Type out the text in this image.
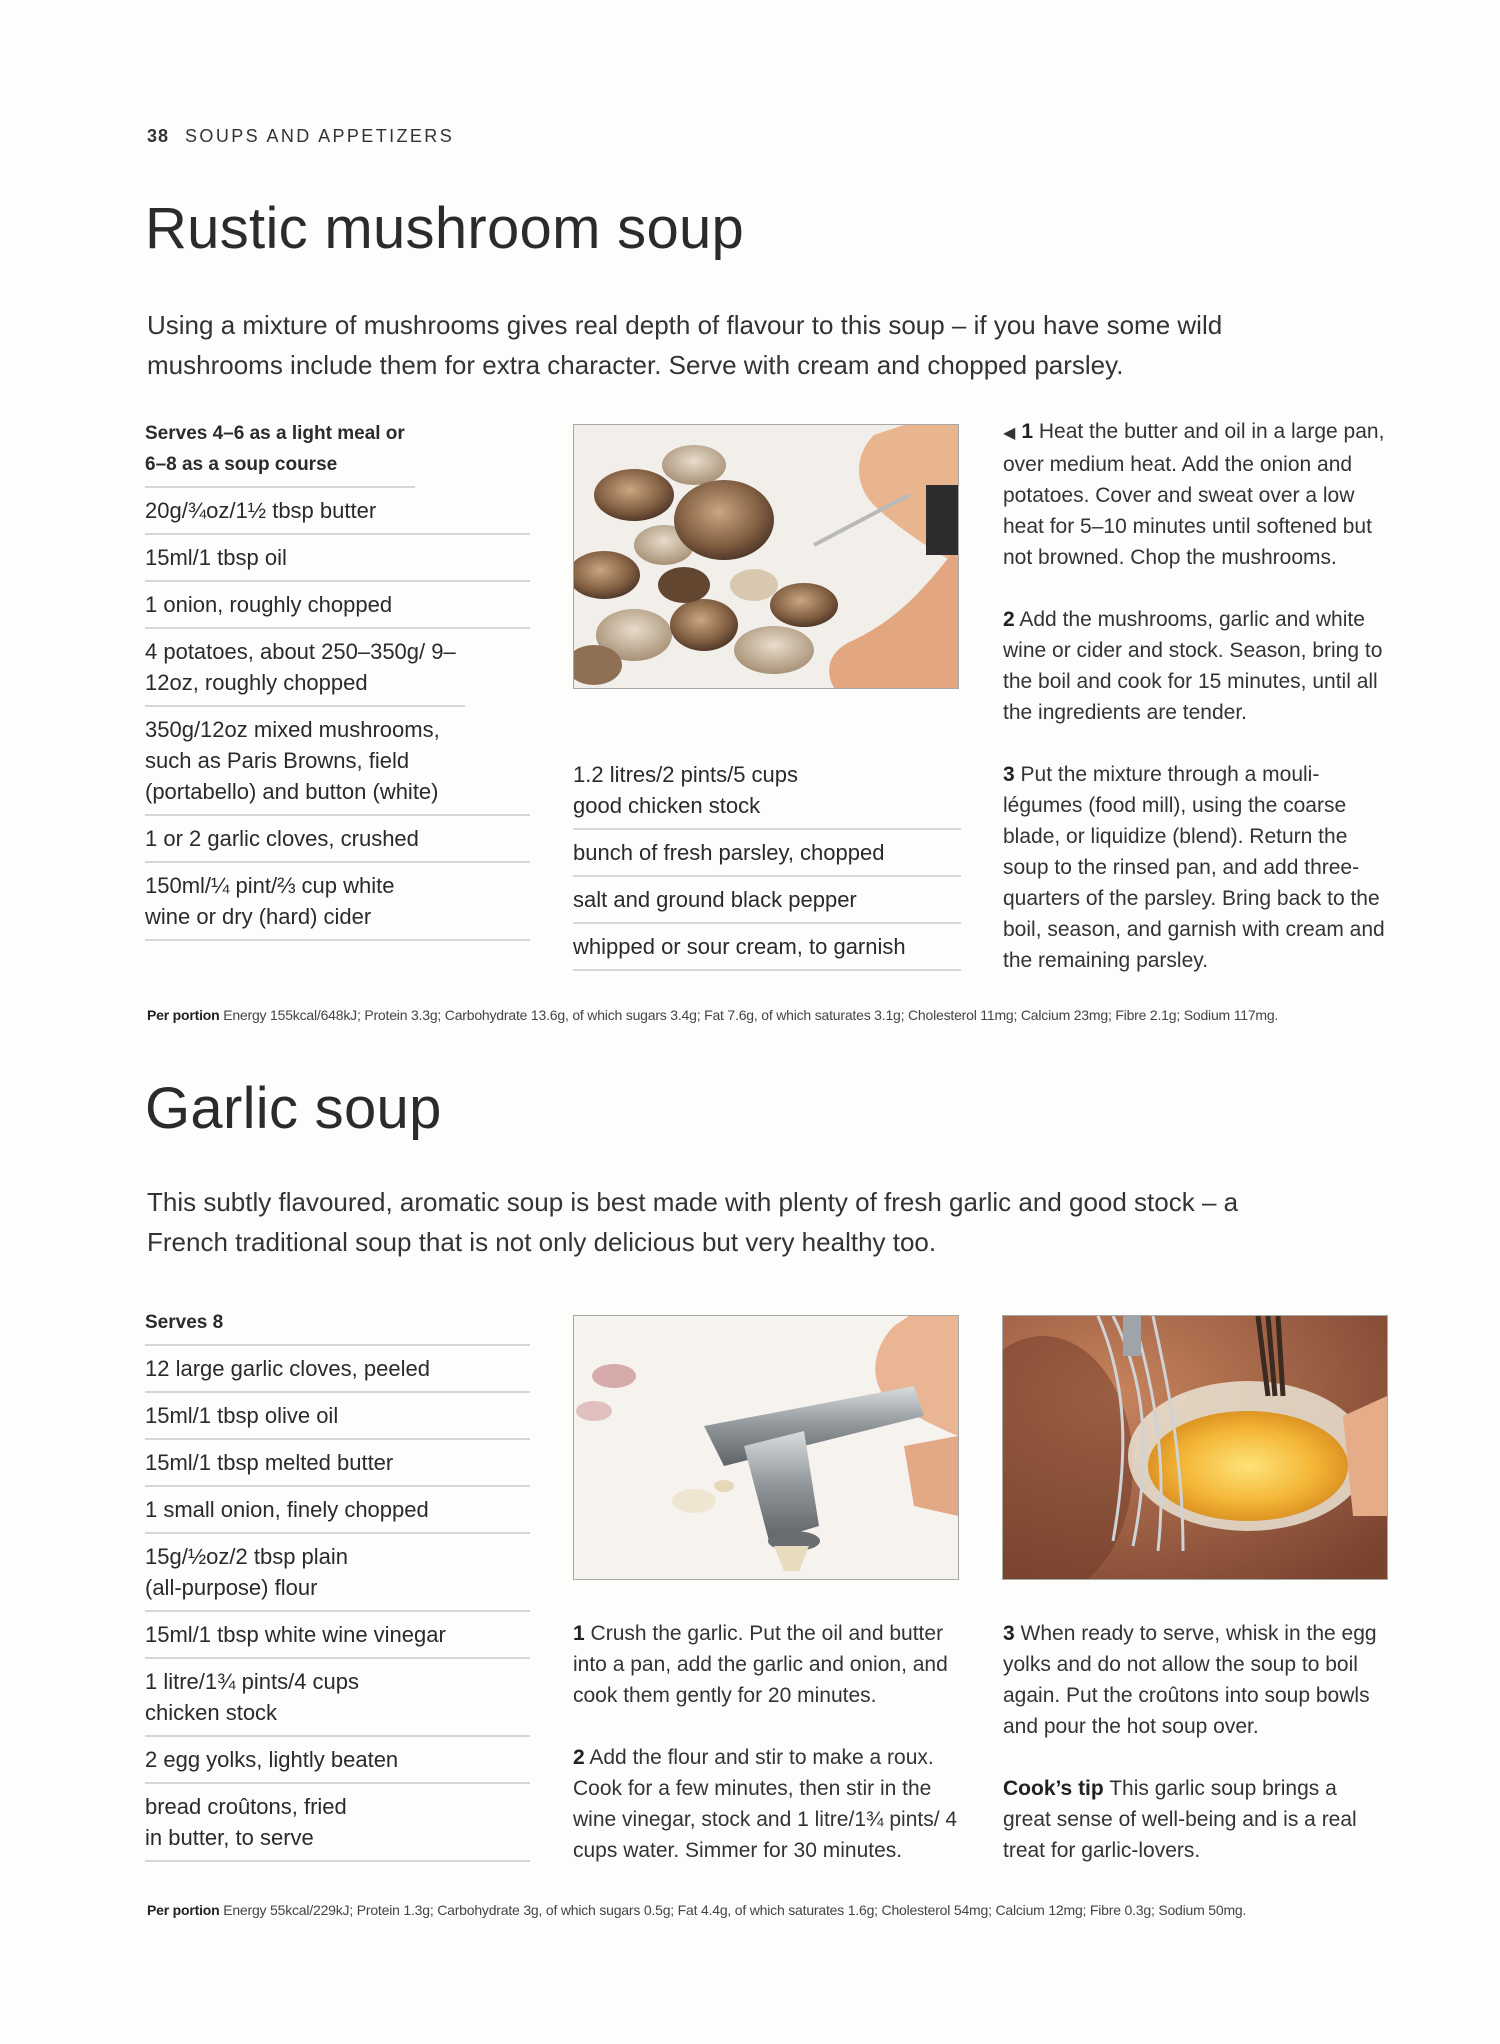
38 SOUPS AND APPETIZERS
Rustic mushroom soup

Using a mixture of mushrooms gives real depth of flavour to this soup – if you have some wild mushrooms include them for extra character. Serve with cream and chopped parsley.

Serves 4–6 as a light meal or 6–8 as a soup course
20g/¾oz/1½ tbsp butter
15ml/1 tbsp oil
1 onion, roughly chopped
4 potatoes, about 250–350g/ 9–12oz, roughly chopped
350g/12oz mixed mushrooms, such as Paris Browns, field (portabello) and button (white)
1 or 2 garlic cloves, crushed
150ml/¼ pint/⅔ cup white wine or dry (hard) cider
1.2 litres/2 pints/5 cups good chicken stock
bunch of fresh parsley, chopped
salt and ground black pepper
whipped or sour cream, to garnish

◀ 1 Heat the butter and oil in a large pan, over medium heat. Add the onion and potatoes. Cover and sweat over a low heat for 5–10 minutes until softened but not browned. Chop the mushrooms.

2 Add the mushrooms, garlic and white wine or cider and stock. Season, bring to the boil and cook for 15 minutes, until all the ingredients are tender.

3 Put the mixture through a mouli-légumes (food mill), using the coarse blade, or liquidize (blend). Return the soup to the rinsed pan, and add three-quarters of the parsley. Bring back to the boil, season, and garnish with cream and the remaining parsley.

Per portion Energy 155kcal/648kJ; Protein 3.3g; Carbohydrate 13.6g, of which sugars 3.4g; Fat 7.6g, of which saturates 3.1g; Cholesterol 11mg; Calcium 23mg; Fibre 2.1g; Sodium 117mg.
Garlic soup

This subtly flavoured, aromatic soup is best made with plenty of fresh garlic and good stock – a French traditional soup that is not only delicious but very healthy too.

Serves 8
12 large garlic cloves, peeled
15ml/1 tbsp olive oil
15ml/1 tbsp melted butter
1 small onion, finely chopped
15g/½oz/2 tbsp plain (all-purpose) flour
15ml/1 tbsp white wine vinegar
1 litre/1¾ pints/4 cups chicken stock
2 egg yolks, lightly beaten
bread croûtons, fried in butter, to serve

1 Crush the garlic. Put the oil and butter into a pan, add the garlic and onion, and cook them gently for 20 minutes.

2 Add the flour and stir to make a roux. Cook for a few minutes, then stir in the wine vinegar, stock and 1 litre/1¾ pints/ 4 cups water. Simmer for 30 minutes.

3 When ready to serve, whisk in the egg yolks and do not allow the soup to boil again. Put the croûtons into soup bowls and pour the hot soup over.

Cook’s tip This garlic soup brings a great sense of well-being and is a real treat for garlic-lovers.

Per portion Energy 55kcal/229kJ; Protein 1.3g; Carbohydrate 3g, of which sugars 0.5g; Fat 4.4g, of which saturates 1.6g; Cholesterol 54mg; Calcium 12mg; Fibre 0.3g; Sodium 50mg.
